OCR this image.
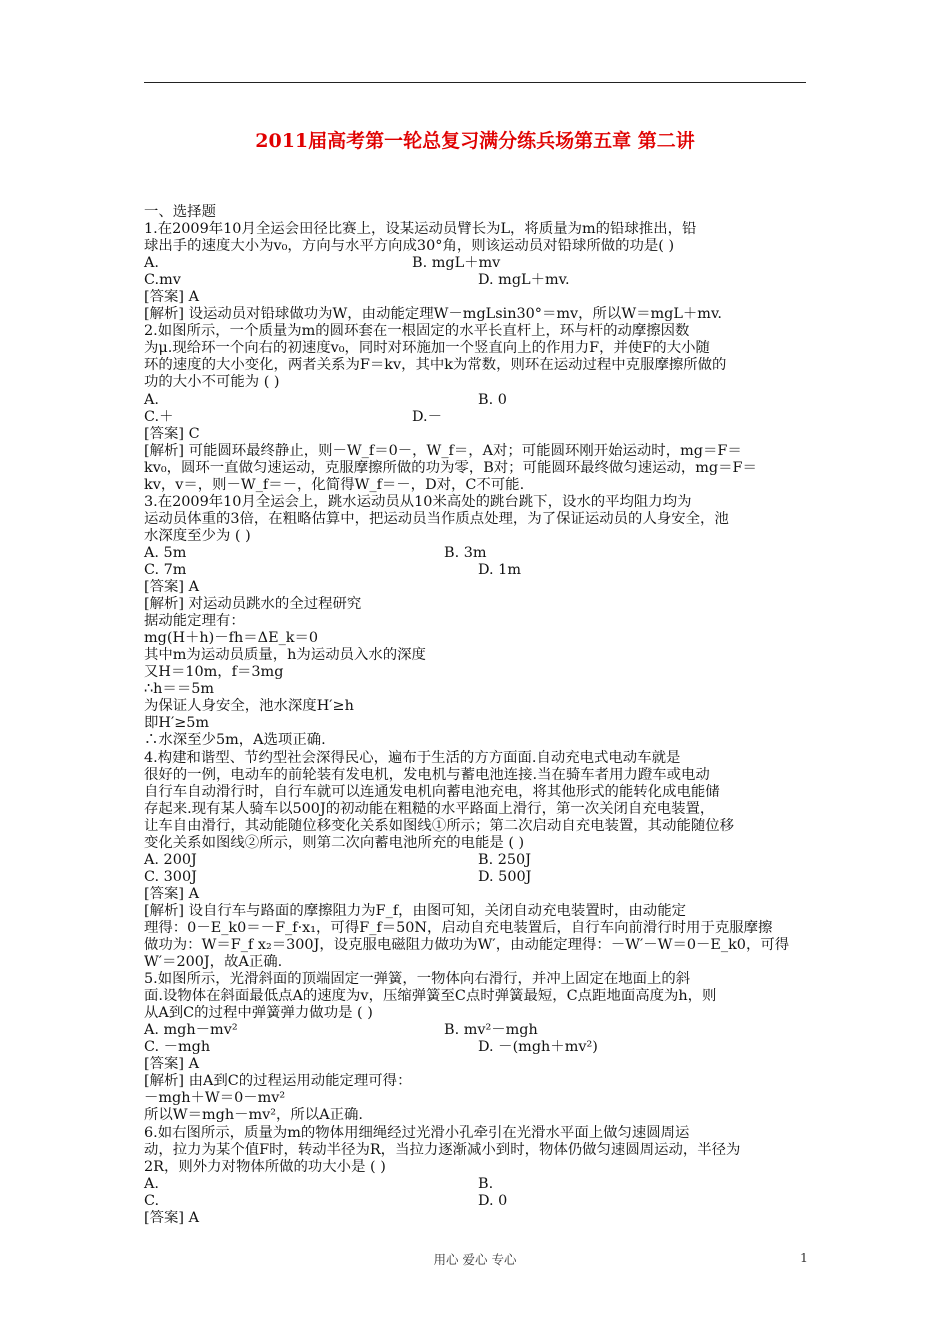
2011届高考第一轮总复习满分练兵场第五章 第二讲
一、选择题
1.在2009年10月全运会田径比赛上，设某运动员臂长为L，将质量为m的铅球推出，铅
球出手的速度大小为v₀，方向与水平方向成30°角，则该运动员对铅球所做的功是( )
A.	B. mgL＋mv
C.mv	D. mgL＋mv.
[答案] A
[解析] 设运动员对铅球做功为W，由动能定理W－mgLsin30°＝mv，所以W＝mgL＋mv.
2.如图所示，一个质量为m的圆环套在一根固定的水平长直杆上，环与杆的动摩擦因数
为μ.现给环一个向右的初速度v₀，同时对环施加一个竖直向上的作用力F，并使F的大小随
环的速度的大小变化，两者关系为F＝kv，其中k为常数，则环在运动过程中克服摩擦所做的
功的大小不可能为 ( )
A.	B. 0
C.＋	D.－
[答案] C
[解析] 可能圆环最终静止，则－W_f＝0－，W_f＝，A对；可能圆环刚开始运动时，mg＝F＝
kv₀，圆环一直做匀速运动，克服摩擦所做的功为零，B对；可能圆环最终做匀速运动，mg＝F＝
kv，v＝，则－W_f＝－，化简得W_f＝－，D对，C不可能.
3.在2009年10月全运会上，跳水运动员从10米高处的跳台跳下，设水的平均阻力均为
运动员体重的3倍，在粗略估算中，把运动员当作质点处理，为了保证运动员的人身安全，池
水深度至少为 ( )
A. 5m	B. 3m
C. 7m	D. 1m
[答案] A
[解析] 对运动员跳水的全过程研究
据动能定理有：
mg(H＋h)－fh＝ΔE_k＝0
其中m为运动员质量，h为运动员入水的深度
又H＝10m，f＝3mg
∴h＝＝5m
为保证人身安全，池水深度H′≥h
即H′≥5m
∴水深至少5m，A选项正确.
4.构建和谐型、节约型社会深得民心，遍布于生活的方方面面.自动充电式电动车就是
很好的一例，电动车的前轮装有发电机，发电机与蓄电池连接.当在骑车者用力蹬车或电动
自行车自动滑行时，自行车就可以连通发电机向蓄电池充电，将其他形式的能转化成电能储
存起来.现有某人骑车以500J的初动能在粗糙的水平路面上滑行，第一次关闭自充电装置，
让车自由滑行，其动能随位移变化关系如图线①所示；第二次启动自充电装置，其动能随位移
变化关系如图线②所示，则第二次向蓄电池所充的电能是 ( )
A. 200J	B. 250J
C. 300J	D. 500J
[答案] A
[解析] 设自行车与路面的摩擦阻力为F_f，由图可知，关闭自动充电装置时，由动能定
理得：0－E_k0＝－F_f·x₁，可得F_f＝50N，启动自充电装置后，自行车向前滑行时用于克服摩擦
做功为：W＝F_f x₂＝300J，设克服电磁阻力做功为W′，由动能定理得：－W′－W＝0－E_k0，可得
W′＝200J，故A正确.
5.如图所示，光滑斜面的顶端固定一弹簧，一物体向右滑行，并冲上固定在地面上的斜
面.设物体在斜面最低点A的速度为v，压缩弹簧至C点时弹簧最短，C点距地面高度为h，则
从A到C的过程中弹簧弹力做功是 ( )
A. mgh－mv²	B. mv²－mgh
C. －mgh	D. －(mgh＋mv²)
[答案] A
[解析] 由A到C的过程运用动能定理可得：
－mgh＋W＝0－mv²
所以W＝mgh－mv²，所以A正确.
6.如右图所示，质量为m的物体用细绳经过光滑小孔牵引在光滑水平面上做匀速圆周运
动，拉力为某个值F时，转动半径为R，当拉力逐渐减小到时，物体仍做匀速圆周运动，半径为
2R，则外力对物体所做的功大小是 ( )
A.	B.
C.	D. 0
[答案] A
用心 爱心 专心	1
